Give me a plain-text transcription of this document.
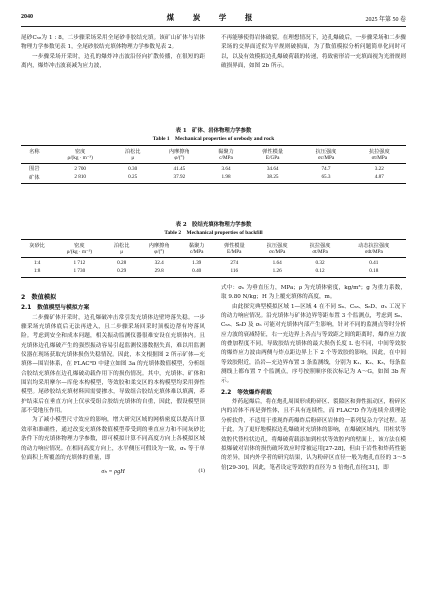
2040	煤 炭 学 报	2025 年第 50 卷

尾砂C₅₈为 1 : 8，二步骤采场采用全尾砂非胶结充填。该矿山矿体与岩体物理力学参数见表 1，全尾砂胶结充填体物理力学参数见表 2。

一步骤采场开采时，边孔的爆炸冲击波沿径向扩散传播，在很短的距离内，爆炸冲击波衰减为应力波，

不再能够使得岩体破裂。在理想情况下，边孔爆破后，一步骤采场和二步骤采场的交界面近似为平规则破损面，为了数值模拟分析问题简单化同时可以，以及有效模拟边孔爆破荷载的传递，将致密形岩一充填面视为光滑规则破损界面，如图 2b 所示。

表 1　矿体、岩体物理力学参数
Table 1　Mechanical properties of orebody and rock
名称	密度	泊松比	内摩擦角	黏聚力	弹性模量	抗压强度	抗拉强度
	ρ/(kg · m⁻³)	μ	φ/(°)	c/MPa	E/GPa	σc/MPa	σt/MPa
围岩	2 700	0.30	41.45	3.64	34.64	74.7	3.22
矿体	2 810	0.25	37.92	1.98	38.25	65.3	4.87
表 2　胶结充填体物理力学参数
Table 2　Mechanical properties of backfill
灰砂比	密度	泊松比	内摩擦角	黏聚力	弹性模量	抗压强度	抗拉强度	动态抗拉强度
	ρ/(kg · m⁻³)	μ	φ/(°)	c/MPa	E/MPa	σc/MPa	σt/MPa	σdt/MPa
1∶4	1 712	0.28	32.4	1.39	274	1.64	0.32	0.41
1∶8	1 730	0.29	29.8	0.40	116	1.26	0.12	0.18
2　数值模拟
2.1　数值模型与模拟方案

二步骤矿体开采时，边孔爆破冲击常引发充填体边壁垮落失稳。一步骤采场充填体底后无法再进入，且二步骤采场回采时顶板边帮有垮落风险。考虑到安全和成本问题，相关振动监测仪器很难安设在充填体内。且充填体边孔爆破产生的强烈振动容易引起监测仪器数据失真，难以用监测仪器在现场获取充填体损伤失稳情况。因此，本文根据图 2 所示矿体—充填体—围岩体系，在 FLAC³D 中建立如图 3a 的充填体数值模型，分析组合胶结充填体在边孔爆破动载作用下的损伤情况。其中，充填体、矿体和围岩均采用摩尔—库伦本构模型，等效胶和柔交区的本构模型均采用弹性模型。尾砂胶结充填材料因需要掺水，导致组合胶结充填体难以填满，养护结束后在垂直方向上仅承受组合胶结充填体的自重，因此，假设模型顶部不受地压作用。

为了减小模型尺寸效应的影响，增大研究区域的网格密度以提高计算效率和准确性，通过改变充填体数值模型带受到的垂直应力和不同灰砂比条件下的充填体物理力学参数，即可模拟计算不同高度方向上各模拟区域的动力响应情况。在相同高度方向上，水平侧压可假设为一致，σₕ 等于单位面积上所覆盖的充填体的重量，即

σₕ = ρgH	(1)

式中：σₕ 为垂直压力，MPa；ρ 为充填体密度，kg/m³；g 为重力系数，取 9.80 N/kg；H 为上覆充填体的高度，m。

由此探究典型模拟区域 1—区域 4 在不同 S₆、C₅₈、S₆D、σₕ 工况下的动力响应情况。沿充填体与矿体边界等距布置 3 个监测点，考虑到 S₆、C₅₈、S₆D 及 σₕ 可能对充填体内部产生影响，针对不同的监测点等时分析应力波的衰减特征，右一充边界上各点与等效距之间的距离时，爆炸应力波的叠加程度不同，导致胶结充填体的最大损伤长度 L 也不同，中间等效胶的爆炸应力波由两侧与炸点距边界上下 2 个等效胶的影响，因此，在中间等效胶附近，沿岩—充边界布置 3 条监测线，分别为 K₁、K₂、K₃，每条监测线上都布置 7 个监测点，序号按照顺序依次标记为 A～G，如图 3b 所示。

2.2　等效爆炸荷载

炸药起爆后，将在炮孔周围形成粉碎区、裂隙区和弹性振动区，粉碎区内的岩体不再是弹性体，且不具有连续性，而 FLAC³D 作为连续介质理论分析软件，不适用于重现炸药爆炸后粉碎区岩体的一系列复杂力学过程。基于此，为了更好地模拟边孔爆破对充填体的影响，在爆破区域内，用柱状等效腔代替柱状边孔，将爆破荷载添加到柱状等效腔内的壁面上，该方法在模拟爆破对岩体的损伤破坏效应时常被运用[27-28]，但由于岩性和炸药性能的差异，国内外学者的研究结果，认为粉碎区直径一般为炮孔直径的 3～5 倍[29-30]，因此，笔者设定等效腔的直径为 5 倍炮孔直径[31]，即
